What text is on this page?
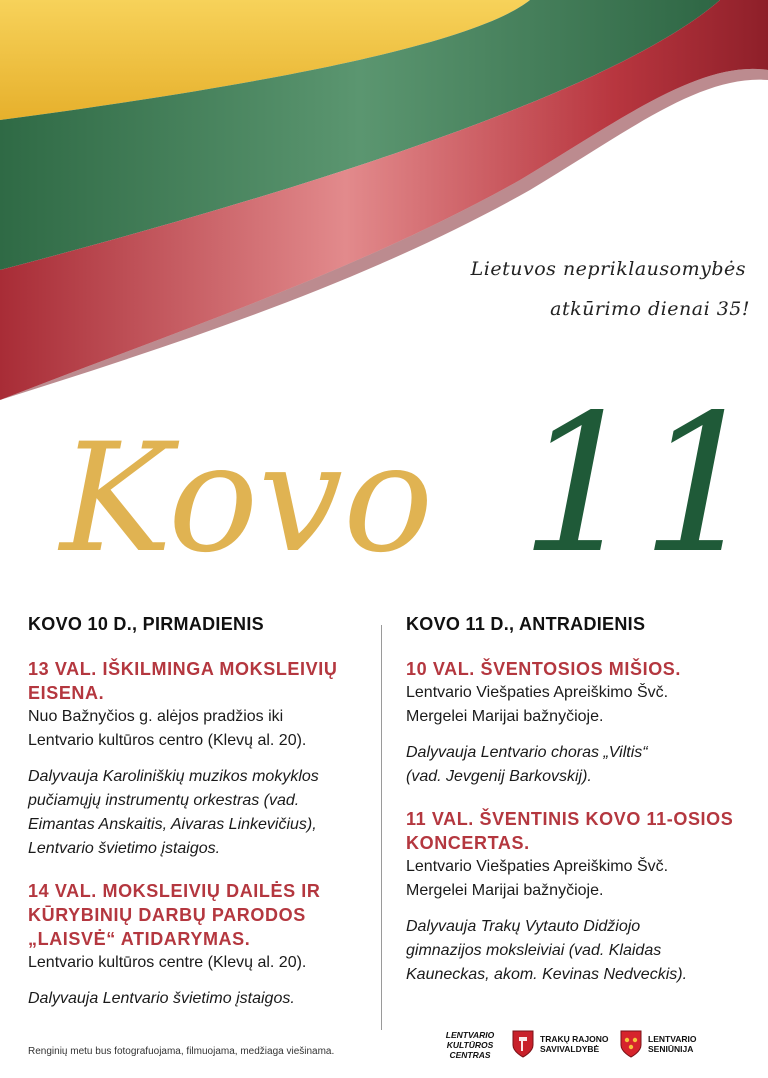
Lietuvos nepriklausomybės
atkūrimo dienai 35!
Kovo 11
KOVO 10 D., PIRMADIENIS
13 VAL. IŠKILMINGA MOKSLEIVIŲ
EISENA.
Nuo Bažnyčios g. alėjos pradžios iki
Lentvario kultūros centro (Klevų al. 20).
Dalyvauja Karoliniškių muzikos mokyklos
pučiamųjų instrumentų orkestras (vad.
Eimantas Anskaitis, Aivaras Linkevičius),
Lentvario švietimo įstaigos.
14 VAL. MOKSLEIVIŲ DAILĖS IR
KŪRYBINIŲ DARBŲ PARODOS
„LAISVĖ“ ATIDARYMAS.
Lentvario kultūros centre (Klevų al. 20).
Dalyvauja Lentvario švietimo įstaigos.
KOVO 11 D., ANTRADIENIS
10 VAL. ŠVENTOSIOS MIŠIOS.
Lentvario Viešpaties Apreiškimo Švč.
Mergelei Marijai bažnyčioje.
Dalyvauja Lentvario choras „Viltis“
(vad. Jevgenij Barkovskij).
11 VAL. ŠVENTINIS KOVO 11-OSIOS
KONCERTAS.
Lentvario Viešpaties Apreiškimo Švč.
Mergelei Marijai bažnyčioje.
Dalyvauja Trakų Vytauto Didžiojo
gimnazijos moksleiviai (vad. Klaidas
Kauneckas, akom. Kevinas Nedveckis).
Renginių metu bus fotografuojama, filmuojama, medžiaga viešinama.
LENTVARIO
KULTŪROS
CENTRAS
TRAKŲ RAJONO
SAVIVALDYBĖ
LENTVARIO
SENIŪNIJA
